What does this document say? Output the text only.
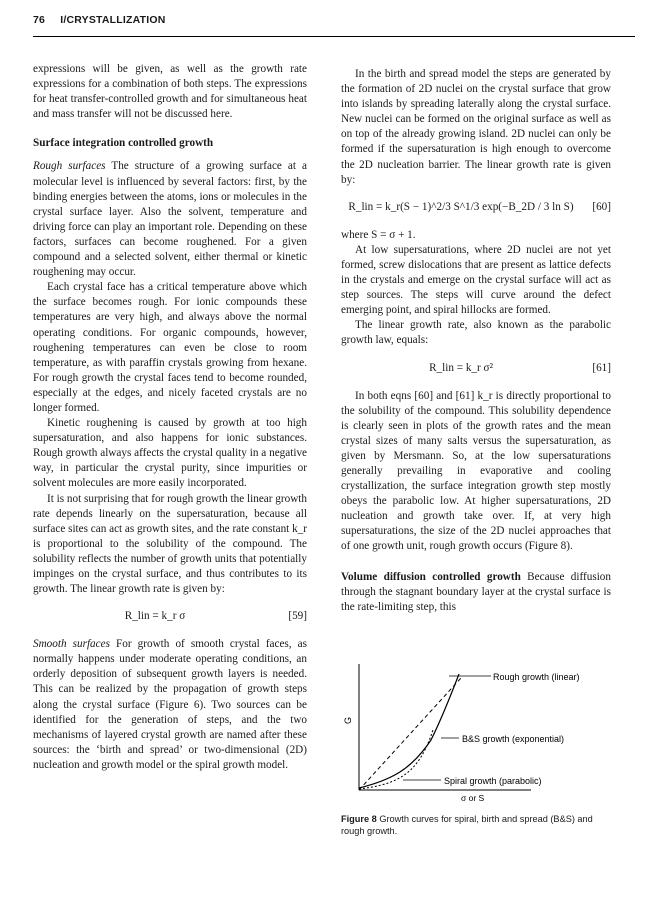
76 I/CRYSTALLIZATION

expressions will be given, as well as the growth rate expressions for a combination of both steps. The expressions for heat transfer-controlled growth and for simultaneous heat and mass transfer will not be discussed here.

Surface integration controlled growth

Rough surfaces The structure of a growing surface at a molecular level is influenced by several factors: first, by the binding energies between the atoms, ions or molecules in the crystal surface layer. Also the solvent, temperature and driving force can play an important role. Depending on these factors, surfaces can become roughened. For a given compound and a selected solvent, either thermal or kinetic roughening may occur.

Each crystal face has a critical temperature above which the surface becomes rough. For ionic compounds these temperatures are very high, and always above the normal operating conditions. For organic compounds, however, roughening temperatures can even be close to room temperature, as with paraffin crystals growing from hexane. For rough growth the crystal faces tend to become rounded, especially at the edges, and nicely faceted crystals are no longer formed.

Kinetic roughening is caused by growth at too high supersaturation, and also happens for ionic substances. Rough growth always affects the crystal quality in a negative way, in particular the crystal purity, since impurities or solvent molecules are more easily incorporated.

It is not surprising that for rough growth the linear growth rate depends linearly on the supersaturation, because all surface sites can act as growth sites, and the rate constant k_r is proportional to the solubility of the compound. The solubility reflects the number of growth units that potentially impinges on the crystal surface, and thus contributes to its growth. The linear growth rate is given by:

R_lin = k_r σ	[59]

Smooth surfaces For growth of smooth crystal faces, as normally happens under moderate operating conditions, an orderly deposition of subsequent growth layers is needed. This can be realized by the propagation of growth steps along the crystal surface (Figure 6). Two sources can be identified for the generation of steps, and the two mechanisms of layered crystal growth are named after these sources: the ‘birth and spread’ or two-dimensional (2D) nucleation and growth model or the spiral growth model.

In the birth and spread model the steps are generated by the formation of 2D nuclei on the crystal surface that grow into islands by spreading laterally along the crystal surface. New nuclei can be formed on the original surface as well as on top of the already growing island. 2D nuclei can only be formed if the supersaturation is high enough to overcome the 2D nucleation barrier. The linear growth rate is given by:

R_lin = k_r(S − 1)^2/3 S^1/3 exp(−B_2D / 3 ln S)	[60]

where S = σ + 1.

At low supersaturations, where 2D nuclei are not yet formed, screw dislocations that are present as lattice defects in the crystals and emerge on the crystal surface will act as step sources. The steps will curve around the defect emerging point, and spiral hillocks are formed.

The linear growth rate, also known as the parabolic growth law, equals:

R_lin = k_r σ²	[61]

In both eqns [60] and [61] k_r is directly proportional to the solubility of the compound. This solubility dependence is clearly seen in plots of the growth rates and the mean crystal sizes of many salts versus the supersaturation, as given by Mersmann. So, at the low supersaturations generally prevailing in evaporative and cooling crystallization, the surface integration growth step mostly obeys the parabolic low. At higher supersaturations, 2D nucleation and growth take over. If, at very high supersaturations, the size of the 2D nuclei approaches that of one growth unit, rough growth occurs (Figure 8).

Volume diffusion controlled growth Because diffusion through the stagnant boundary layer at the crystal surface is the rate-limiting step, this

Rough growth (linear)
B&S growth (exponential)
Spiral growth (parabolic)
G
σ or S
Figure 8 Growth curves for spiral, birth and spread (B&S) and rough growth.
